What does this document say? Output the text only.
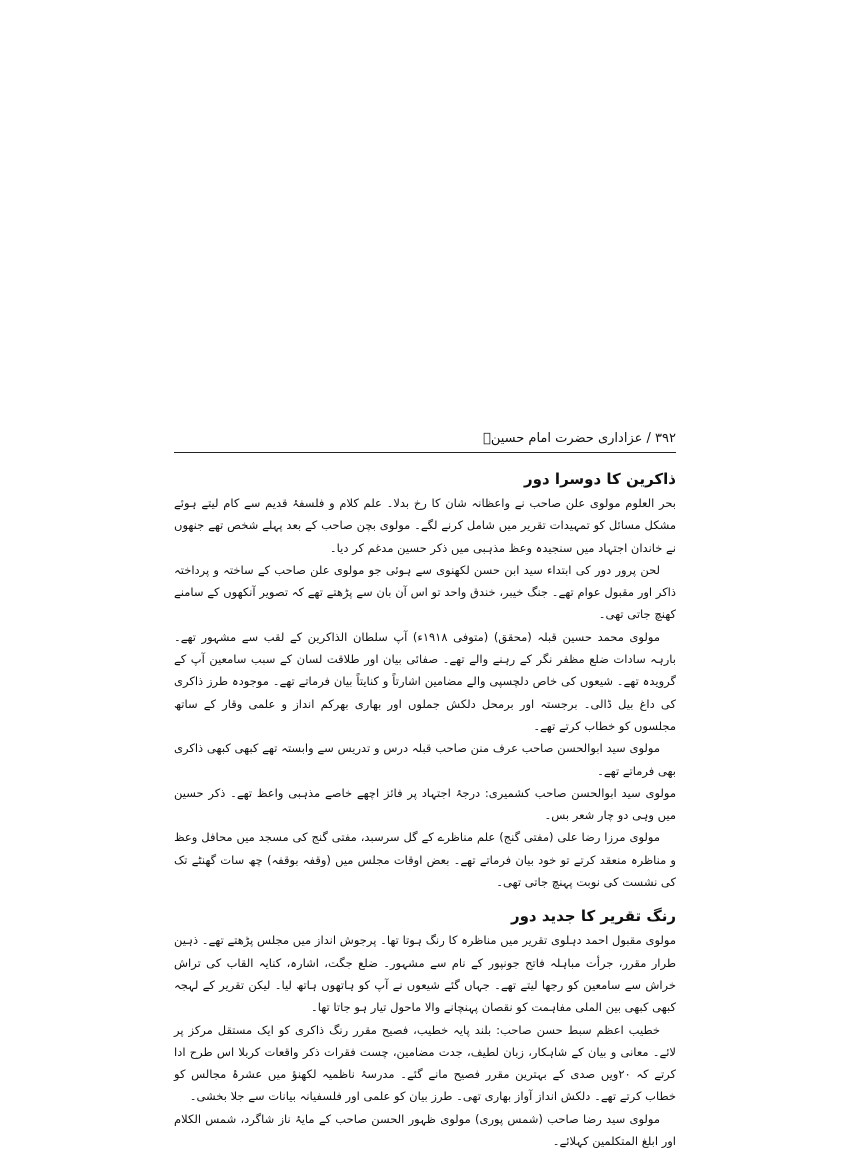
٣٩٢ / عزاداری حضرت امام حسینؑ
ذاکرین کا دوسرا دور

بحر العلوم مولوی علن صاحب نے واعظانہ شان کا رخ بدلا۔ علم کلام و فلسفۂ قدیم سے کام لیتے ہوئے مشکل مسائل کو تمہیدات تقریر میں شامل کرنے لگے۔ مولوی بچن صاحب کے بعد پہلے شخص تھے جنھوں نے خاندان اجتہاد میں سنجیدہ وعظ مذہبی میں ذکر حسین مدغم کر دیا۔

لحن پرور دور کی ابتداء سید ابن حسن لکھنوی سے ہوئی جو مولوی علن صاحب کے ساختہ و پرداختہ ذاکر اور مقبول عوام تھے۔ جنگ خیبر، خندق واحد تو اس آن بان سے پڑھتے تھے کہ تصویر آنکھوں کے سامنے کھنچ جاتی تھی۔

مولوی محمد حسین قبلہ (محقق) (متوفی ۱۹۱۸ء) آپ سلطان الذاکرین کے لقب سے مشہور تھے۔ بارہہ سادات ضلع مظفر نگر کے رہنے والے تھے۔ صفائی بیان اور طلاقت لسان کے سبب سامعین آپ کے گرویدہ تھے۔ شیعوں کی خاص دلچسپی والے مضامین اشارتاً و کنایتاً بیان فرماتے تھے۔ موجودہ طرز ذاکری کی داغ بیل ڈالی۔ برجستہ اور برمحل دلکش جملوں اور بھاری بھرکم انداز و علمی وقار کے ساتھ مجلسوں کو خطاب کرتے تھے۔

مولوی سید ابوالحسن صاحب عرف منن صاحب قبلہ درس و تدریس سے وابستہ تھے کبھی کبھی ذاکری بھی فرماتے تھے۔

مولوی سید ابوالحسن صاحب کشمیری: درجۂ اجتہاد پر فائز اچھے خاصے مذہبی واعظ تھے۔ ذکر حسین میں وہی دو چار شعر بس۔

مولوی مرزا رضا علی (مفتی گنج) علم مناظرے کے گل سرسبد، مفتی گنج کی مسجد میں محافل وعظ و مناظرہ منعقد کرتے تو خود بیان فرماتے تھے۔ بعض اوقات مجلس میں (وقفہ بوقفہ) چھ سات گھنٹے تک کی نشست کی نوبت پہنچ جاتی تھی۔

رنگ تقریر کا جدید دور

مولوی مقبول احمد دہلوی تقریر میں مناظرہ کا رنگ ہوتا تھا۔ پرجوش انداز میں مجلس پڑھتے تھے۔ ذہین طرار مقرر، جرأت مباہلہ فاتح جونپور کے نام سے مشہور۔ ضلع جگت، اشارہ، کنایہ القاب کی تراش خراش سے سامعین کو رجھا لیتے تھے۔ جہاں گئے شیعوں نے آپ کو ہاتھوں ہاتھ لیا۔ لیکن تقریر کے لہجہ کبھی کبھی بین الملی مفاہمت کو نقصان پہنچانے والا ماحول تیار ہو جاتا تھا۔

خطیب اعظم سبط حسن صاحب: بلند پایہ خطیب، فصیح مقرر رنگ ذاکری کو ایک مستقل مرکز پر لائے۔ معانی و بیان کے شاہکار، زبان لطیف، جدت مضامین، چست فقرات ذکر واقعات کربلا اس طرح ادا کرتے کہ ۲۰ویں صدی کے بہترین مقرر فصیح مانے گئے۔ مدرسۂ ناظمیہ لکھنؤ میں عشرۂ مجالس کو خطاب کرتے تھے۔ دلکش انداز آواز بھاری تھی۔ طرز بیان کو علمی اور فلسفیانہ بیانات سے جلا بخشی۔

مولوی سید رضا صاحب (شمس پوری) مولوی ظہور الحسن صاحب کے مایۂ ناز شاگرد، شمس الکلام اور ابلغ المتکلمین کہلائے۔
